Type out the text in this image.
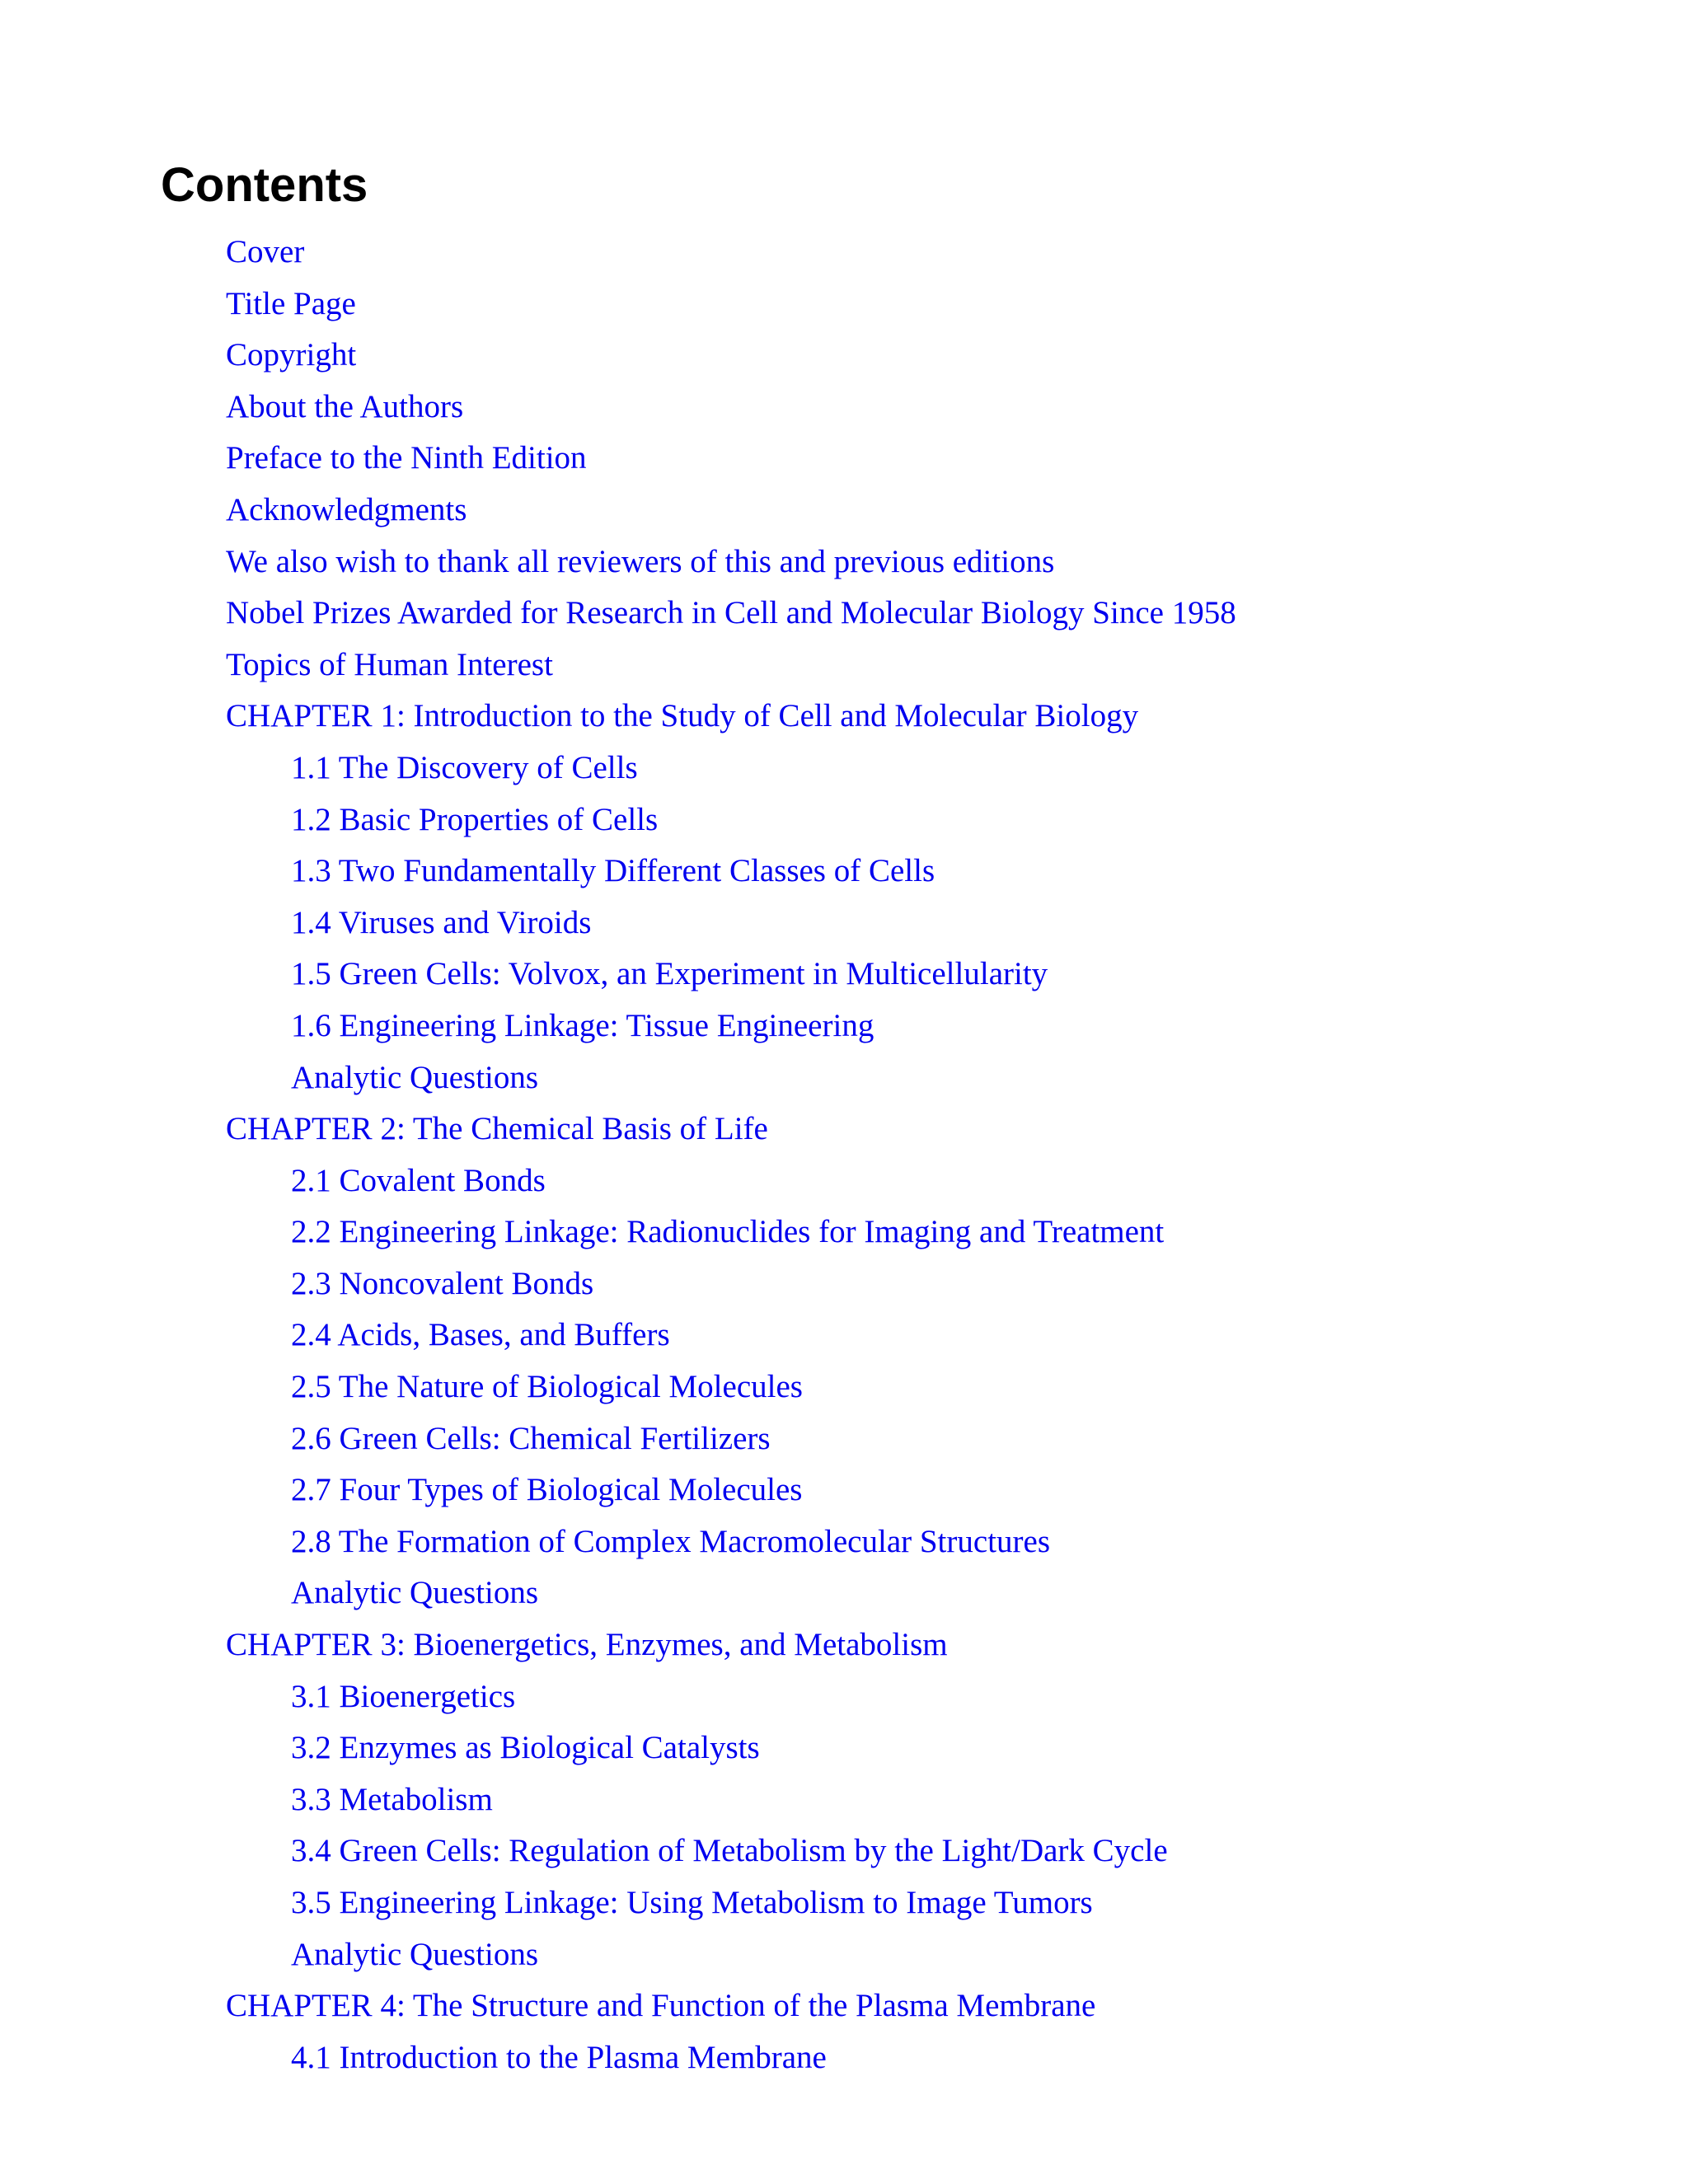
Contents
Cover
Title Page
Copyright
About the Authors
Preface to the Ninth Edition
Acknowledgments
We also wish to thank all reviewers of this and previous editions
Nobel Prizes Awarded for Research in Cell and Molecular Biology Since 1958
Topics of Human Interest
CHAPTER 1: Introduction to the Study of Cell and Molecular Biology
1.1 The Discovery of Cells
1.2 Basic Properties of Cells
1.3 Two Fundamentally Different Classes of Cells
1.4 Viruses and Viroids
1.5 Green Cells: Volvox, an Experiment in Multicellularity
1.6 Engineering Linkage: Tissue Engineering
Analytic Questions
CHAPTER 2: The Chemical Basis of Life
2.1 Covalent Bonds
2.2 Engineering Linkage: Radionuclides for Imaging and Treatment
2.3 Noncovalent Bonds
2.4 Acids, Bases, and Buffers
2.5 The Nature of Biological Molecules
2.6 Green Cells: Chemical Fertilizers
2.7 Four Types of Biological Molecules
2.8 The Formation of Complex Macromolecular Structures
Analytic Questions
CHAPTER 3: Bioenergetics, Enzymes, and Metabolism
3.1 Bioenergetics
3.2 Enzymes as Biological Catalysts
3.3 Metabolism
3.4 Green Cells: Regulation of Metabolism by the Light/Dark Cycle
3.5 Engineering Linkage: Using Metabolism to Image Tumors
Analytic Questions
CHAPTER 4: The Structure and Function of the Plasma Membrane
4.1 Introduction to the Plasma Membrane
